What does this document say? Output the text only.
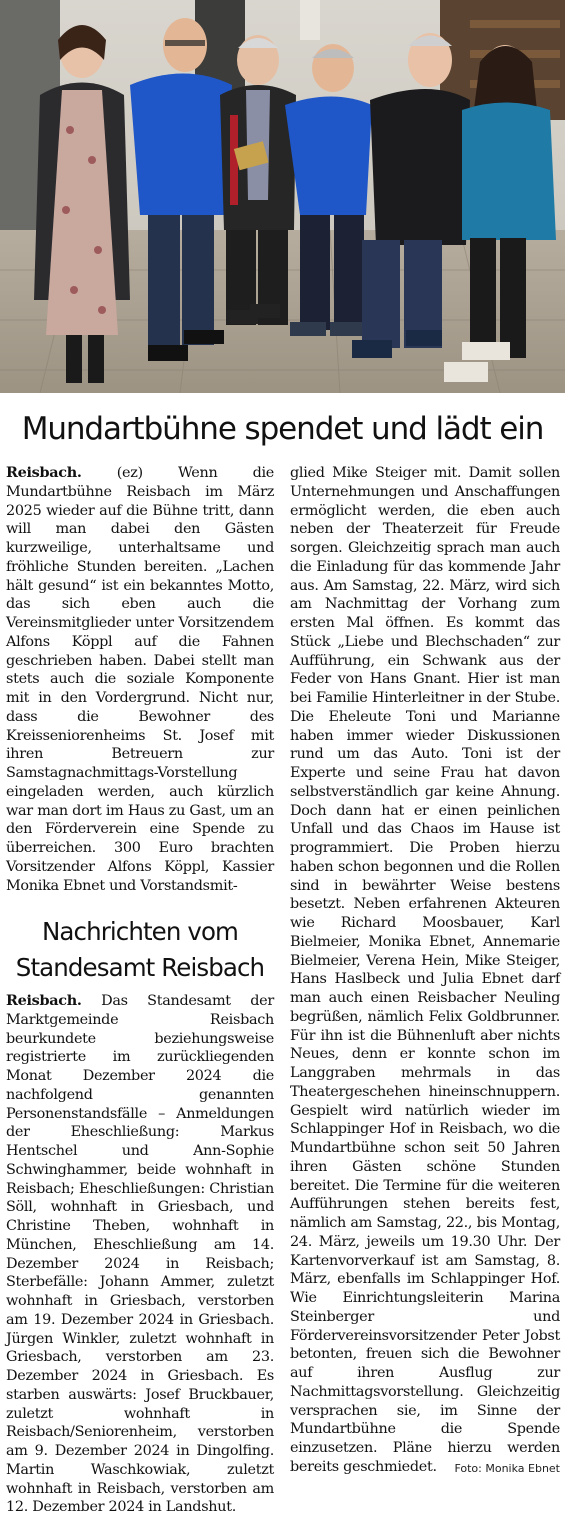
Mundartbühne spendet und lädt ein

Reisbach. (ez) Wenn die Mundartbühne Reisbach im März 2025 wieder auf die Bühne tritt, dann will man dabei den Gästen kurzweilige, unterhaltsame und fröhliche Stunden bereiten. „Lachen hält gesund“ ist ein bekanntes Motto, das sich eben auch die Vereinsmitglieder unter Vorsitzendem Alfons Köppl auf die Fahnen geschrieben haben. Dabei stellt man stets auch die soziale Komponente mit in den Vordergrund. Nicht nur, dass die Bewohner des Kreisseniorenheims St. Josef mit ihren Betreuern zur Samstagnachmittags-Vorstellung eingeladen werden, auch kürzlich war man dort im Haus zu Gast, um an den Förderverein eine Spende zu überreichen. 300 Euro brachten Vorsitzender Alfons Köppl, Kassier Monika Ebnet und Vorstandsmit-

Nachrichten vom
Standesamt Reisbach

Reisbach. Das Standesamt der Marktgemeinde Reisbach beurkundete beziehungsweise registrierte im zurückliegenden Monat Dezember 2024 die nachfolgend genannten Personenstandsfälle – Anmeldungen der Eheschließung: Markus Hentschel und Ann-Sophie Schwinghammer, beide wohnhaft in Reisbach; Eheschließungen: Christian Söll, wohnhaft in Griesbach, und Christine Theben, wohnhaft in München, Eheschließung am 14. Dezember 2024 in Reisbach; Sterbefälle: Johann Ammer, zuletzt wohnhaft in Griesbach, verstorben am 19. Dezember 2024 in Griesbach. Jürgen Winkler, zuletzt wohnhaft in Griesbach, verstorben am 23. Dezember 2024 in Griesbach. Es starben auswärts: Josef Bruckbauer, zuletzt wohnhaft in Reisbach/Seniorenheim, verstorben am 9. Dezember 2024 in Dingolfing. Martin Waschkowiak, zuletzt wohnhaft in Reisbach, verstorben am 12. Dezember 2024 in Landshut.

glied Mike Steiger mit. Damit sollen Unternehmungen und Anschaffungen ermöglicht werden, die eben auch neben der Theaterzeit für Freude sorgen. Gleichzeitig sprach man auch die Einladung für das kommende Jahr aus. Am Samstag, 22. März, wird sich am Nachmittag der Vorhang zum ersten Mal öffnen. Es kommt das Stück „Liebe und Blechschaden“ zur Aufführung, ein Schwank aus der Feder von Hans Gnant. Hier ist man bei Familie Hinterleitner in der Stube. Die Eheleute Toni und Marianne haben immer wieder Diskussionen rund um das Auto. Toni ist der Experte und seine Frau hat davon selbstverständlich gar keine Ahnung. Doch dann hat er einen peinlichen Unfall und das Chaos im Hause ist programmiert. Die Proben hierzu haben schon begonnen und die Rollen sind in bewährter Weise bestens besetzt. Neben erfahrenen Akteuren wie Richard Moosbauer, Karl Bielmeier, Monika Ebnet, Annemarie Bielmeier, Verena Hein, Mike Steiger, Hans Haslbeck und Julia Ebnet darf man auch einen Reisbacher Neuling begrüßen, nämlich Felix Goldbrunner. Für ihn ist die Bühnenluft aber nichts Neues, denn er konnte schon im Langgraben mehrmals in das Theatergeschehen hineinschnuppern. Gespielt wird natürlich wieder im Schlappinger Hof in Reisbach, wo die Mundartbühne schon seit 50 Jahren ihren Gästen schöne Stunden bereitet. Die Termine für die weiteren Aufführungen stehen bereits fest, nämlich am Samstag, 22., bis Montag, 24. März, jeweils um 19.30 Uhr. Der Kartenvorverkauf ist am Samstag, 8. März, ebenfalls im Schlappinger Hof. Wie Einrichtungsleiterin Marina Steinberger und Fördervereinsvorsitzender Peter Jobst betonten, freuen sich die Bewohner auf ihren Ausflug zur Nachmittagsvorstellung. Gleichzeitig versprachen sie, im Sinne der Mundartbühne die Spende einzusetzen. Pläne hierzu werden bereits geschmiedet. Foto: Monika Ebnet
